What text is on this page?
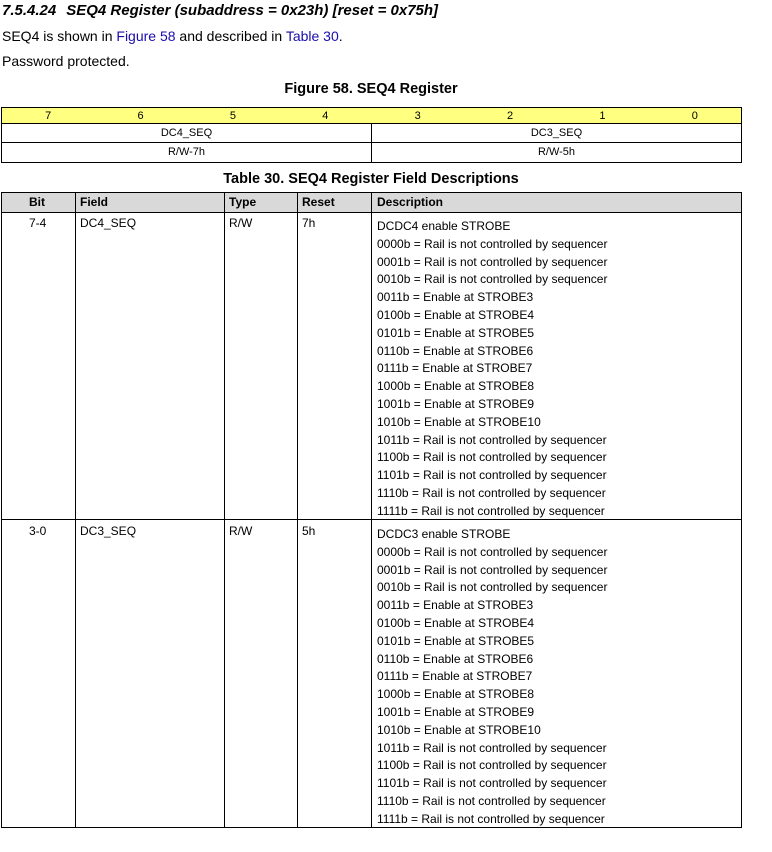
7.5.4.24 SEQ4 Register (subaddress = 0x23h) [reset = 0x75h]
SEQ4 is shown in Figure 58 and described in Table 30.
Password protected.
Figure 58. SEQ4 Register
7	6	5	4	3	2	1	0
DC4_SEQ	DC3_SEQ
R/W-7h	R/W-5h
Table 30. SEQ4 Register Field Descriptions
Bit	Field	Type	Reset	Description
7-4	DC4_SEQ	R/W	7h	DCDC4 enable STROBE
0000b = Rail is not controlled by sequencer
0001b = Rail is not controlled by sequencer
0010b = Rail is not controlled by sequencer
0011b = Enable at STROBE3
0100b = Enable at STROBE4
0101b = Enable at STROBE5
0110b = Enable at STROBE6
0111b = Enable at STROBE7
1000b = Enable at STROBE8
1001b = Enable at STROBE9
1010b = Enable at STROBE10
1011b = Rail is not controlled by sequencer
1100b = Rail is not controlled by sequencer
1101b = Rail is not controlled by sequencer
1110b = Rail is not controlled by sequencer
1111b = Rail is not controlled by sequencer
3-0	DC3_SEQ	R/W	5h	DCDC3 enable STROBE
0000b = Rail is not controlled by sequencer
0001b = Rail is not controlled by sequencer
0010b = Rail is not controlled by sequencer
0011b = Enable at STROBE3
0100b = Enable at STROBE4
0101b = Enable at STROBE5
0110b = Enable at STROBE6
0111b = Enable at STROBE7
1000b = Enable at STROBE8
1001b = Enable at STROBE9
1010b = Enable at STROBE10
1011b = Rail is not controlled by sequencer
1100b = Rail is not controlled by sequencer
1101b = Rail is not controlled by sequencer
1110b = Rail is not controlled by sequencer
1111b = Rail is not controlled by sequencer
